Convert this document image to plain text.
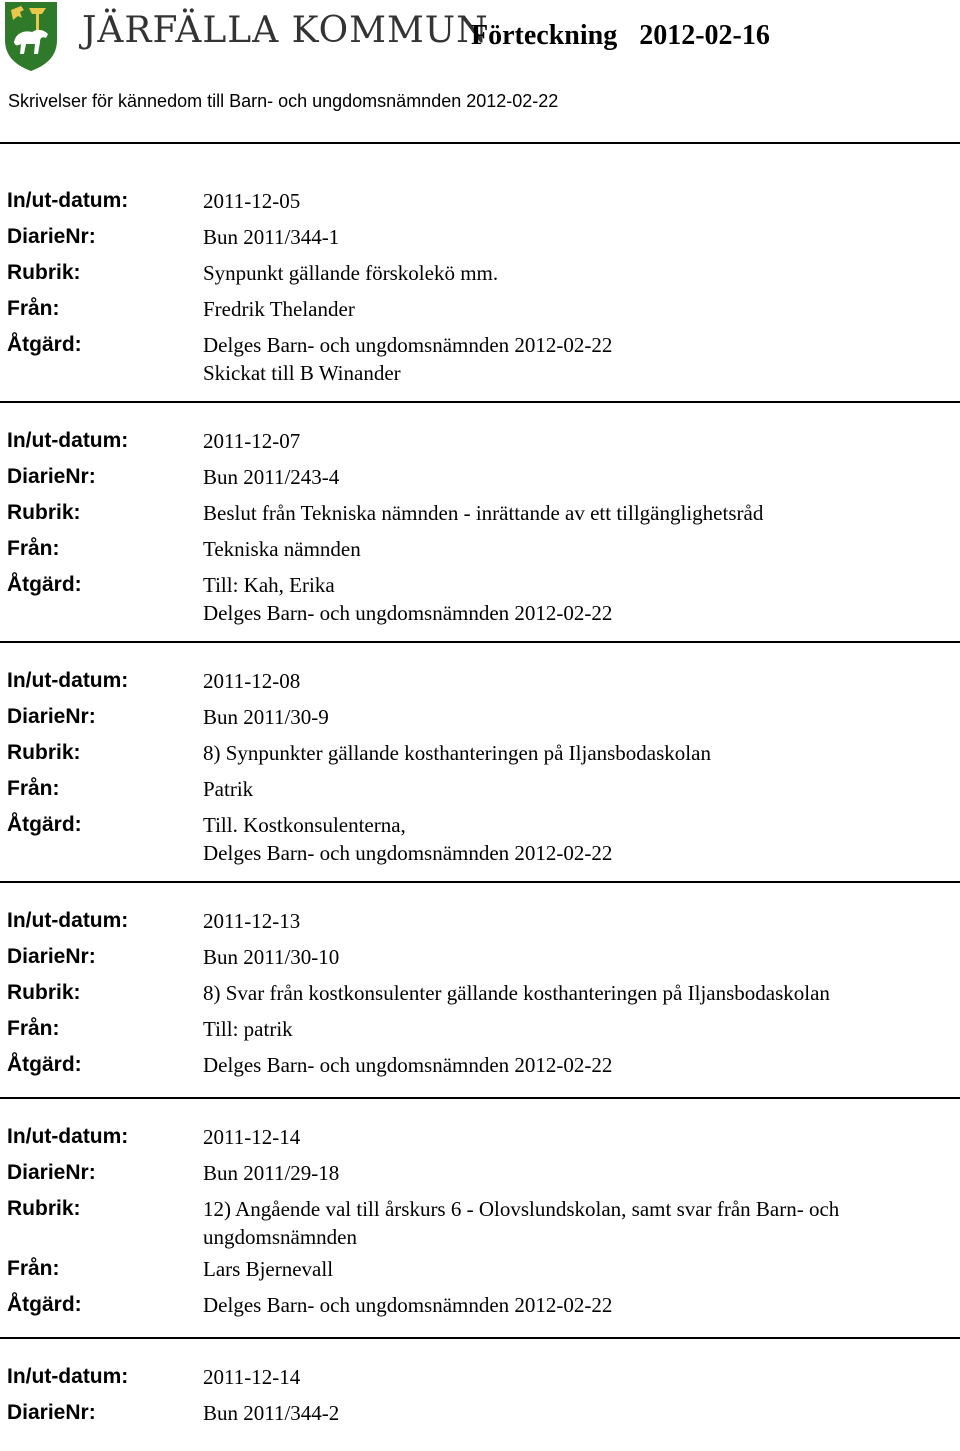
JÄRFÄLLA KOMMUN
Förteckning 2012-02-16
Skrivelser för kännedom till Barn- och ungdomsnämnden 2012-02-22
In/ut-datum:	2011-12-05
DiarieNr:	Bun 2011/344-1
Rubrik:	Synpunkt gällande förskolekö mm.
Från:	Fredrik Thelander
Åtgärd:	Delges Barn- och ungdomsnämnden 2012-02-22
Skickat till B Winander
In/ut-datum:	2011-12-07
DiarieNr:	Bun 2011/243-4
Rubrik:	Beslut från Tekniska nämnden - inrättande av ett tillgänglighetsråd
Från:	Tekniska nämnden
Åtgärd:	Till: Kah, Erika
Delges Barn- och ungdomsnämnden 2012-02-22
In/ut-datum:	2011-12-08
DiarieNr:	Bun 2011/30-9
Rubrik:	8) Synpunkter gällande kosthanteringen på Iljansbodaskolan
Från:	Patrik
Åtgärd:	Till. Kostkonsulenterna,
Delges Barn- och ungdomsnämnden 2012-02-22
In/ut-datum:	2011-12-13
DiarieNr:	Bun 2011/30-10
Rubrik:	8) Svar från kostkonsulenter gällande kosthanteringen på Iljansbodaskolan
Från:	Till: patrik
Åtgärd:	Delges Barn- och ungdomsnämnden 2012-02-22
In/ut-datum:	2011-12-14
DiarieNr:	Bun 2011/29-18
Rubrik:	12) Angående val till årskurs 6 - Olovslundskolan, samt svar från Barn- och
ungdomsnämnden
Från:	Lars Bjernevall
Åtgärd:	Delges Barn- och ungdomsnämnden 2012-02-22
In/ut-datum:	2011-12-14
DiarieNr:	Bun 2011/344-2
